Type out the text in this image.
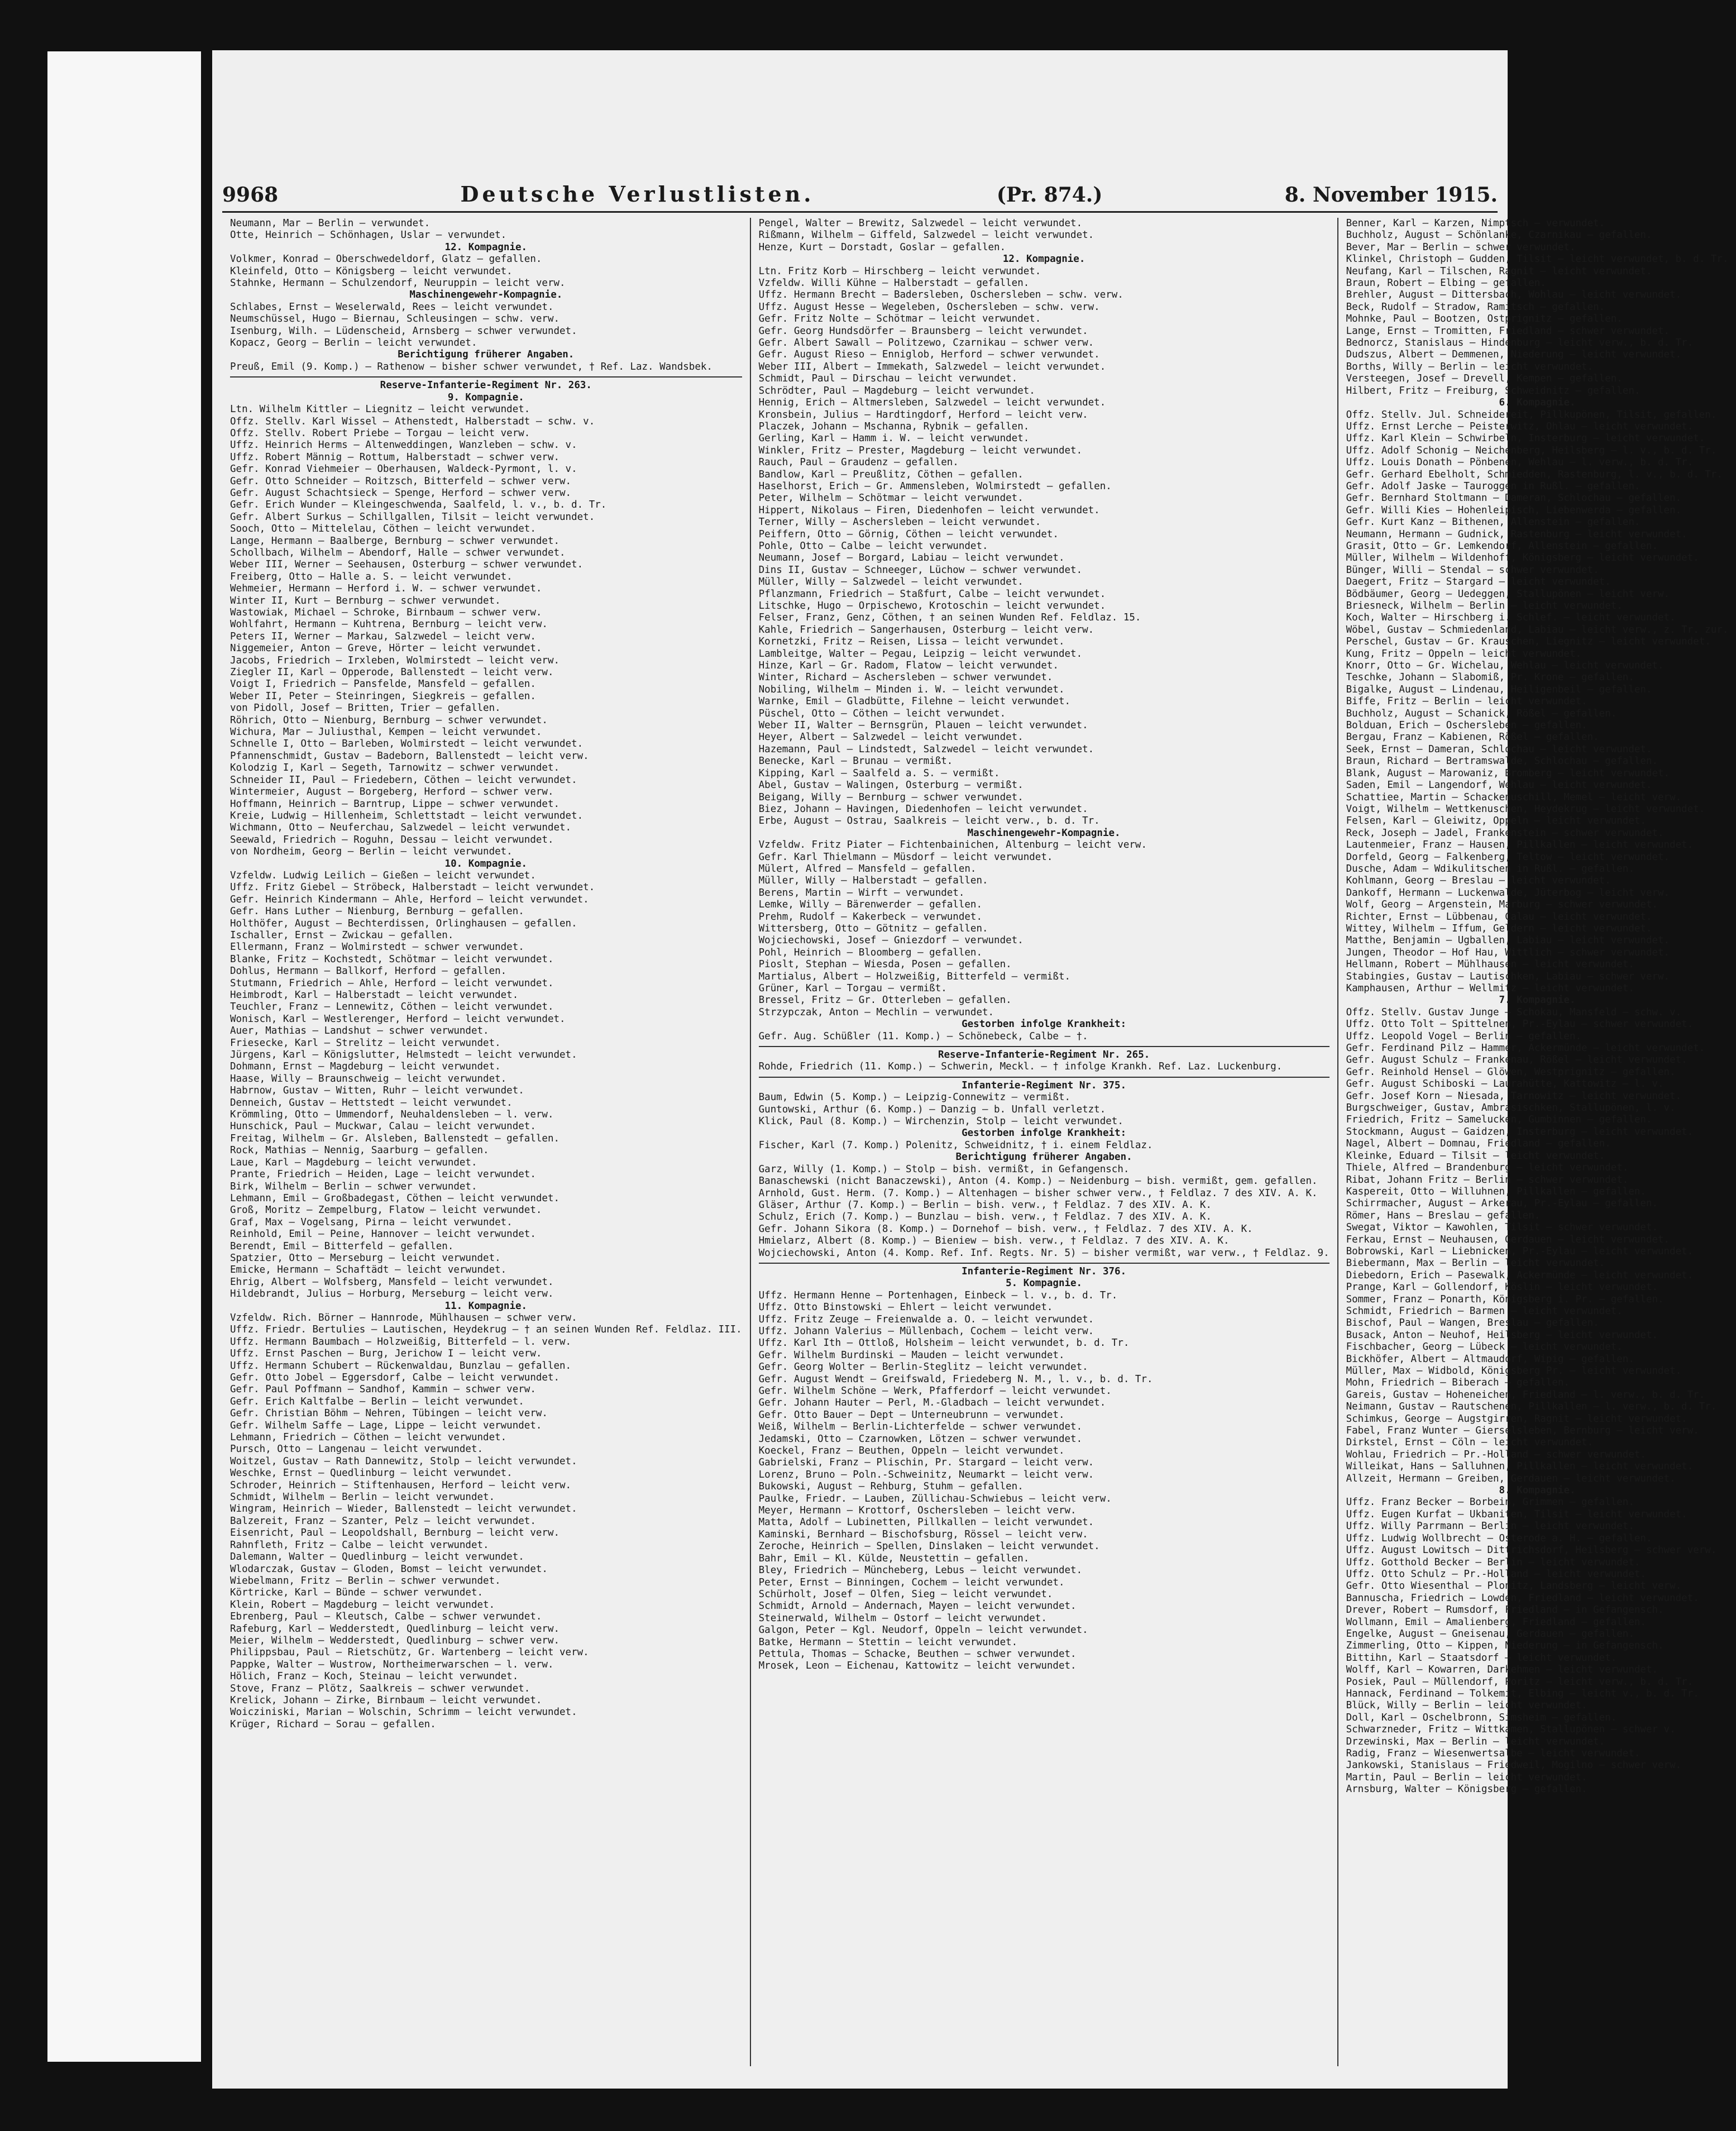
9968	Deutsche Verlustlisten.	(Pr. 874.)	8. November 1915.
Neumann, Mar — Berlin — verwundet.
Otte, Heinrich — Schönhagen, Uslar — verwundet.
12. Kompagnie.
Volkmer, Konrad — Oberschwedeldorf, Glatz — gefallen.
Kleinfeld, Otto — Königsberg — leicht verwundet.
Stahnke, Hermann — Schulzendorf, Neuruppin — leicht verw.
Maschinengewehr-Kompagnie.
Schlabes, Ernst — Weselerwald, Rees — leicht verwundet.
Neumschüssel, Hugo — Biernau, Schleusingen — schw. verw.
Isenburg, Wilh. — Lüdenscheid, Arnsberg — schwer verwundet.
Kopacz, Georg — Berlin — leicht verwundet.
Berichtigung früherer Angaben.
Preuß, Emil (9. Komp.) — Rathenow — bisher schwer verwundet, † Ref. Laz. Wandsbek.
Reserve-Infanterie-Regiment Nr. 263.
9. Kompagnie.
Ltn. Wilhelm Kittler — Liegnitz — leicht verwundet.
Offz. Stellv. Karl Wissel — Athenstedt, Halberstadt — schw. v.
Offz. Stellv. Robert Priebe — Torgau — leicht verw.
Uffz. Heinrich Herms — Altenweddingen, Wanzleben — schw. v.
Uffz. Robert Männig — Rottum, Halberstadt — schwer verw.
Gefr. Konrad Viehmeier — Oberhausen, Waldeck-Pyrmont, l. v.
Gefr. Otto Schneider — Roitzsch, Bitterfeld — schwer verw.
Gefr. August Schachtsieck — Spenge, Herford — schwer verw.
Gefr. Erich Wunder — Kleingeschwenda, Saalfeld, l. v., b. d. Tr.
Gefr. Albert Surkus — Schillgallen, Tilsit — leicht verwundet.
Sooch, Otto — Mittelelau, Cöthen — leicht verwundet.
Lange, Hermann — Baalberge, Bernburg — schwer verwundet.
Schollbach, Wilhelm — Abendorf, Halle — schwer verwundet.
Weber III, Werner — Seehausen, Osterburg — schwer verwundet.
Freiberg, Otto — Halle a. S. — leicht verwundet.
Wehmeier, Hermann — Herford i. W. — schwer verwundet.
Winter II, Kurt — Bernburg — schwer verwundet.
Wastowiak, Michael — Schroke, Birnbaum — schwer verw.
Wohlfahrt, Hermann — Kuhtrena, Bernburg — leicht verw.
Peters II, Werner — Markau, Salzwedel — leicht verw.
Niggemeier, Anton — Greve, Hörter — leicht verwundet.
Jacobs, Friedrich — Irxleben, Wolmirstedt — leicht verw.
Ziegler II, Karl — Opperode, Ballenstedt — leicht verw.
Voigt I, Friedrich — Pansfelde, Mansfeld — gefallen.
Weber II, Peter — Steinringen, Siegkreis — gefallen.
von Pidoll, Josef — Britten, Trier — gefallen.
Röhrich, Otto — Nienburg, Bernburg — schwer verwundet.
Wichura, Mar — Juliusthal, Kempen — leicht verwundet.
Schnelle I, Otto — Barleben, Wolmirstedt — leicht verwundet.
Pfannenschmidt, Gustav — Badeborn, Ballenstedt — leicht verw.
Kolodzig I, Karl — Segeth, Tarnowitz — schwer verwundet.
Schneider II, Paul — Friedebern, Cöthen — leicht verwundet.
Wintermeier, August — Borgeberg, Herford — schwer verw.
Hoffmann, Heinrich — Barntrup, Lippe — schwer verwundet.
Kreie, Ludwig — Hillenheim, Schlettstadt — leicht verwundet.
Wichmann, Otto — Neuferchau, Salzwedel — leicht verwundet.
Seewald, Friedrich — Roguhn, Dessau — leicht verwundet.
von Nordheim, Georg — Berlin — leicht verwundet.
10. Kompagnie.
Vzfeldw. Ludwig Leilich — Gießen — leicht verwundet.
Uffz. Fritz Giebel — Ströbeck, Halberstadt — leicht verwundet.
Gefr. Heinrich Kindermann — Ahle, Herford — leicht verwundet.
Gefr. Hans Luther — Nienburg, Bernburg — gefallen.
Holthöfer, August — Bechterdissen, Orlinghausen — gefallen.
Ischaller, Ernst — Zwickau — gefallen.
Ellermann, Franz — Wolmirstedt — schwer verwundet.
Blanke, Fritz — Kochstedt, Schötmar — leicht verwundet.
Dohlus, Hermann — Ballkorf, Herford — gefallen.
Stutmann, Friedrich — Ahle, Herford — leicht verwundet.
Heimbrodt, Karl — Halberstadt — leicht verwundet.
Teuchler, Franz — Lennewitz, Cöthen — leicht verwundet.
Wonisch, Karl — Westlerenger, Herford — leicht verwundet.
Auer, Mathias — Landshut — schwer verwundet.
Friesecke, Karl — Strelitz — leicht verwundet.
Jürgens, Karl — Königslutter, Helmstedt — leicht verwundet.
Dohmann, Ernst — Magdeburg — leicht verwundet.
Haase, Willy — Braunschweig — leicht verwundet.
Habrnow, Gustav — Witten, Ruhr — leicht verwundet.
Denneich, Gustav — Hettstedt — leicht verwundet.
Krömmling, Otto — Ummendorf, Neuhaldensleben — l. verw.
Hunschick, Paul — Muckwar, Calau — leicht verwundet.
Freitag, Wilhelm — Gr. Alsleben, Ballenstedt — gefallen.
Rock, Mathias — Nennig, Saarburg — gefallen.
Laue, Karl — Magdeburg — leicht verwundet.
Prante, Friedrich — Heiden, Lage — leicht verwundet.
Birk, Wilhelm — Berlin — schwer verwundet.
Lehmann, Emil — Großbadegast, Cöthen — leicht verwundet.
Groß, Moritz — Zempelburg, Flatow — leicht verwundet.
Graf, Max — Vogelsang, Pirna — leicht verwundet.
Reinhold, Emil — Peine, Hannover — leicht verwundet.
Berendt, Emil — Bitterfeld — gefallen.
Spatzier, Otto — Merseburg — leicht verwundet.
Emicke, Hermann — Schaftädt — leicht verwundet.
Ehrig, Albert — Wolfsberg, Mansfeld — leicht verwundet.
Hildebrandt, Julius — Horburg, Merseburg — leicht verw.
11. Kompagnie.
Vzfeldw. Rich. Börner — Hannrode, Mühlhausen — schwer verw.
Uffz. Friedr. Bertulies — Lautischen, Heydekrug — † an seinen Wunden Ref. Feldlaz. III.
Uffz. Hermann Baumbach — Holzweißig, Bitterfeld — l. verw.
Uffz. Ernst Paschen — Burg, Jerichow I — leicht verw.
Uffz. Hermann Schubert — Rückenwaldau, Bunzlau — gefallen.
Gefr. Otto Jobel — Eggersdorf, Calbe — leicht verwundet.
Gefr. Paul Poffmann — Sandhof, Kammin — schwer verw.
Gefr. Erich Kaltfalbe — Berlin — leicht verwundet.
Gefr. Christian Böhm — Nehren, Tübingen — leicht verw.
Gefr. Wilhelm Saffe — Lage, Lippe — leicht verwundet.
Lehmann, Friedrich — Cöthen — leicht verwundet.
Pursch, Otto — Langenau — leicht verwundet.
Woitzel, Gustav — Rath Dannewitz, Stolp — leicht verwundet.
Weschke, Ernst — Quedlinburg — leicht verwundet.
Schroder, Heinrich — Stiftenhausen, Herford — leicht verw.
Schmidt, Wilhelm — Berlin — leicht verwundet.
Wingram, Heinrich — Wieder, Ballenstedt — leicht verwundet.
Balzereit, Franz — Szanter, Pelz — leicht verwundet.
Eisenricht, Paul — Leopoldshall, Bernburg — leicht verw.
Rahnfleth, Fritz — Calbe — leicht verwundet.
Dalemann, Walter — Quedlinburg — leicht verwundet.
Wlodarczak, Gustav — Gloden, Bomst — leicht verwundet.
Wiebelmann, Fritz — Berlin — schwer verwundet.
Körtricke, Karl — Bünde — schwer verwundet.
Klein, Robert — Magdeburg — leicht verwundet.
Ebrenberg, Paul — Kleutsch, Calbe — schwer verwundet.
Rafeburg, Karl — Wedderstedt, Quedlinburg — leicht verw.
Meier, Wilhelm — Wedderstedt, Quedlinburg — schwer verw.
Philippsbau, Paul — Rietschütz, Gr. Wartenberg — leicht verw.
Pappke, Walter — Wustrow, Northeimerwarschen — l. verw.
Hölich, Franz — Koch, Steinau — leicht verwundet.
Stove, Franz — Plötz, Saalkreis — schwer verwundet.
Krelick, Johann — Zirke, Birnbaum — leicht verwundet.
Woicziniski, Marian — Wolschin, Schrimm — leicht verwundet.
Krüger, Richard — Sorau — gefallen.
Pengel, Walter — Brewitz, Salzwedel — leicht verwundet.
Rißmann, Wilhelm — Giffeld, Salzwedel — leicht verwundet.
Henze, Kurt — Dorstadt, Goslar — gefallen.
12. Kompagnie.
Ltn. Fritz Korb — Hirschberg — leicht verwundet.
Vzfeldw. Willi Kühne — Halberstadt — gefallen.
Uffz. Hermann Brecht — Badersleben, Oschersleben — schw. verw.
Uffz. August Hesse — Wegeleben, Oschersleben — schw. verw.
Gefr. Fritz Nolte — Schötmar — leicht verwundet.
Gefr. Georg Hundsdörfer — Braunsberg — leicht verwundet.
Gefr. Albert Sawall — Politzewo, Czarnikau — schwer verw.
Gefr. August Rieso — Enniglob, Herford — schwer verwundet.
Weber III, Albert — Immekath, Salzwedel — leicht verwundet.
Schmidt, Paul — Dirschau — leicht verwundet.
Schrödter, Paul — Magdeburg — leicht verwundet.
Hennig, Erich — Altmersleben, Salzwedel — leicht verwundet.
Kronsbein, Julius — Hardtingdorf, Herford — leicht verw.
Placzek, Johann — Mschanna, Rybnik — gefallen.
Gerling, Karl — Hamm i. W. — leicht verwundet.
Winkler, Fritz — Prester, Magdeburg — leicht verwundet.
Rauch, Paul — Graudenz — gefallen.
Bandlow, Karl — Preußlitz, Cöthen — gefallen.
Haselhorst, Erich — Gr. Ammensleben, Wolmirstedt — gefallen.
Peter, Wilhelm — Schötmar — leicht verwundet.
Hippert, Nikolaus — Firen, Diedenhofen — leicht verwundet.
Terner, Willy — Aschersleben — leicht verwundet.
Peiffern, Otto — Görnig, Cöthen — leicht verwundet.
Pohle, Otto — Calbe — leicht verwundet.
Neumann, Josef — Borgard, Labiau — leicht verwundet.
Dins II, Gustav — Schneeger, Lüchow — schwer verwundet.
Müller, Willy — Salzwedel — leicht verwundet.
Pflanzmann, Friedrich — Staßfurt, Calbe — leicht verwundet.
Litschke, Hugo — Orpischewo, Krotoschin — leicht verwundet.
Felser, Franz, Genz, Cöthen, † an seinen Wunden Ref. Feldlaz. 15.
Kahle, Friedrich — Sangerhausen, Osterburg — leicht verw.
Kornetzki, Fritz — Reisen, Lissa — leicht verwundet.
Lambleitge, Walter — Pegau, Leipzig — leicht verwundet.
Hinze, Karl — Gr. Radom, Flatow — leicht verwundet.
Winter, Richard — Aschersleben — schwer verwundet.
Nobiling, Wilhelm — Minden i. W. — leicht verwundet.
Warnke, Emil — Gladbütte, Filehne — leicht verwundet.
Püschel, Otto — Cöthen — leicht verwundet.
Weber II, Walter — Bernsgrün, Plauen — leicht verwundet.
Heyer, Albert — Salzwedel — leicht verwundet.
Hazemann, Paul — Lindstedt, Salzwedel — leicht verwundet.
Benecke, Karl — Brunau — vermißt.
Kipping, Karl — Saalfeld a. S. — vermißt.
Abel, Gustav — Walingen, Osterburg — vermißt.
Beigang, Willy — Bernburg — schwer verwundet.
Biez, Johann — Havingen, Diedenhofen — leicht verwundet.
Erbe, August — Ostrau, Saalkreis — leicht verw., b. d. Tr.
Maschinengewehr-Kompagnie.
Vzfeldw. Fritz Piater — Fichtenbainichen, Altenburg — leicht verw.
Gefr. Karl Thielmann — Müsdorf — leicht verwundet.
Mülert, Alfred — Mansfeld — gefallen.
Müller, Willy — Halberstadt — gefallen.
Berens, Martin — Wirft — verwundet.
Lemke, Willy — Bärenwerder — gefallen.
Prehm, Rudolf — Kakerbeck — verwundet.
Wittersberg, Otto — Götnitz — gefallen.
Wojciechowski, Josef — Gniezdorf — verwundet.
Pohl, Heinrich — Bloomberg — gefallen.
Pioslt, Stephan — Wiesda, Posen — gefallen.
Martialus, Albert — Holzweißig, Bitterfeld — vermißt.
Grüner, Karl — Torgau — vermißt.
Bressel, Fritz — Gr. Otterleben — gefallen.
Strzypczak, Anton — Mechlin — verwundet.
Gestorben infolge Krankheit:
Gefr. Aug. Schüßler (11. Komp.) — Schönebeck, Calbe — †.
Reserve-Infanterie-Regiment Nr. 265.
Rohde, Friedrich (11. Komp.) — Schwerin, Meckl. — † infolge Krankh. Ref. Laz. Luckenburg.
Infanterie-Regiment Nr. 375.
Baum, Edwin (5. Komp.) — Leipzig-Connewitz — vermißt.
Guntowski, Arthur (6. Komp.) — Danzig — b. Unfall verletzt.
Klick, Paul (8. Komp.) — Wirchenzin, Stolp — leicht verwundet.
Gestorben infolge Krankheit:
Fischer, Karl (7. Komp.) Polenitz, Schweidnitz, † i. einem Feldlaz.
Berichtigung früherer Angaben.
Garz, Willy (1. Komp.) — Stolp — bish. vermißt, in Gefangensch.
Banaschewski (nicht Banaczewski), Anton (4. Komp.) — Neidenburg — bish. vermißt, gem. gefallen.
Arnhold, Gust. Herm. (7. Komp.) — Altenhagen — bisher schwer verw., † Feldlaz. 7 des XIV. A. K.
Gläser, Arthur (7. Komp.) — Berlin — bish. verw., † Feldlaz. 7 des XIV. A. K.
Schulz, Erich (7. Komp.) — Bunzlau — bish. verw., † Feldlaz. 7 des XIV. A. K.
Gefr. Johann Sikora (8. Komp.) — Dornehof — bish. verw., † Feldlaz. 7 des XIV. A. K.
Hmielarz, Albert (8. Komp.) — Bieniew — bish. verw., † Feldlaz. 7 des XIV. A. K.
Wojciechowski, Anton (4. Komp. Ref. Inf. Regts. Nr. 5) — bisher vermißt, war verw., † Feldlaz. 9.
Infanterie-Regiment Nr. 376.
5. Kompagnie.
Uffz. Hermann Henne — Portenhagen, Einbeck — l. v., b. d. Tr.
Uffz. Otto Binstowski — Ehlert — leicht verwundet.
Uffz. Fritz Zeuge — Freienwalde a. O. — leicht verwundet.
Uffz. Johann Valerius — Müllenbach, Cochem — leicht verw.
Uffz. Karl Ith — Ottloß, Holsheim — leicht verwundet, b. d. Tr.
Gefr. Wilhelm Burdinski — Mauden — leicht verwundet.
Gefr. Georg Wolter — Berlin-Steglitz — leicht verwundet.
Gefr. August Wendt — Greifswald, Friedeberg N. M., l. v., b. d. Tr.
Gefr. Wilhelm Schöne — Werk, Pfafferdorf — leicht verwundet.
Gefr. Johann Hauter — Perl, M.-Gladbach — leicht verwundet.
Gefr. Otto Bauer — Dept — Unterneubrunn — verwundet.
Weiß, Wilhelm — Berlin-Lichterfelde — schwer verwundet.
Jedamski, Otto — Czarnowken, Lötzen — schwer verwundet.
Koeckel, Franz — Beuthen, Oppeln — leicht verwundet.
Gabrielski, Franz — Plischin, Pr. Stargard — leicht verw.
Lorenz, Bruno — Poln.-Schweinitz, Neumarkt — leicht verw.
Bukowski, August — Rehburg, Stuhm — gefallen.
Paulke, Friedr. — Lauben, Züllichau-Schwiebus — leicht verw.
Meyer, Hermann — Krottorf, Oschersleben — leicht verw.
Matta, Adolf — Lubinetten, Pillkallen — leicht verwundet.
Kaminski, Bernhard — Bischofsburg, Rössel — leicht verw.
Zeroche, Heinrich — Spellen, Dinslaken — leicht verwundet.
Bahr, Emil — Kl. Külde, Neustettin — gefallen.
Bley, Friedrich — Müncheberg, Lebus — leicht verwundet.
Peter, Ernst — Binningen, Cochem — leicht verwundet.
Schürholt, Josef — Olfen, Sieg — leicht verwundet.
Schmidt, Arnold — Andernach, Mayen — leicht verwundet.
Steinerwald, Wilhelm — Ostorf — leicht verwundet.
Galgon, Peter — Kgl. Neudorf, Oppeln — leicht verwundet.
Batke, Hermann — Stettin — leicht verwundet.
Pettula, Thomas — Schacke, Beuthen — schwer verwundet.
Mrosek, Leon — Eichenau, Kattowitz — leicht verwundet.
Benner, Karl — Karzen, Nimptsch — verwundet.
Buchholz, August — Schönlanke, Czarnikau — gefallen.
Bever, Mar — Berlin — schwer verwundet.
Klinkel, Christoph — Gudden, Tilsit — leicht verwundet, b. d. Tr.
Neufang, Karl — Tilschen, Ragnit — leicht verwundet.
Braun, Robert — Elbing — gefallen.
Brehler, August — Dittersbach, Wohlau — leicht verwundet.
Beck, Rudolf — Stradow, Ramitsch — gefallen.
Mohnke, Paul — Bootzen, Ostprignitz — gefallen.
Lange, Ernst — Tromitten, Friedland — schwer verwundet.
Bednorcz, Stanislaus — Hindenburg — leicht verw., b. d. Tr.
Dudszus, Albert — Demmenen, Niederung — leicht verwundet.
Borths, Willy — Berlin — leicht verwundet.
Versteegen, Josef — Drevell, Kempen — gefallen.
Hilbert, Fritz — Freiburg, Schweidnitz — gefallen.
6. Kompagnie.
Offz. Stellv. Jul. Schneidereit, Pillkupönen, Tilsit, gefallen.
Uffz. Ernst Lerche — Peisterwitz, Ohlau — leicht verwundet.
Uffz. Karl Klein — Schwirbeln, Insterburg — leicht verwundet.
Uffz. Adolf Schonig — Neichenberg, Heilsberg — l. v., b. d. Tr.
Uffz. Louis Donath — Pönbenen, Wehlau — l. verw., b. d. Tr.
Gefr. Gerhard Ebelholt, Schmiedden, Rastenburg, l. v., b. d. Tr.
Gefr. Adolf Jaske — Tauroggen in Rußl. — gefallen.
Gefr. Bernhard Stoltmann — Dameran, Schlochau — gefallen.
Gefr. Willi Kies — Hohenleipisch, Liebenwerda — gefallen.
Gefr. Kurt Kanz — Bithenen, Allenstein — gefallen.
Neumann, Hermann — Gudnick, Rastenburg — leicht verwundet.
Grasit, Otto — Gr. Lemkendorf, Allenstein — gefallen.
Müller, Wilhelm — Wildenhoff, Königsberg — leicht verwundet.
Bünger, Willi — Stendal — schwer verwundet.
Daegert, Fritz — Stargard — leicht verwundet.
Bödbäumer, Georg — Uedeggen, Stallupönen — leicht verw.
Briesneck, Wilhelm — Berlin — leicht verwundet.
Koch, Walter — Hirschberg i. Schlef. — leicht verwundet.
Wöbel, Gustav — Schmiedenland, Labiau — leicht verw., z. Tr. zur.
Perschel, Gustav — Gr. Krauschen, Liegnitz — leicht verwundet.
Kung, Fritz — Oppeln — leicht verwundet.
Knorr, Otto — Gr. Wichelau, Wehlau — leicht verwundet.
Teschke, Johann — Slabomiß, Pr. Krone — gefallen.
Bigalke, August — Lindenau, Heiligenbeil — gefallen.
Biffe, Fritz — Berlin — leicht verwundet.
Buchholz, August — Schanick, Rößel — gefallen.
Bolduan, Erich — Oschersleben — gefallen.
Bergau, Franz — Kabienen, Rößel — gefallen.
Seek, Ernst — Dameran, Schlochau — leicht verwundet.
Braun, Richard — Bertramswalde, Schlochau — gefallen.
Blank, August — Marowaniz, Bromberg — leicht verwundet.
Saden, Emil — Langendorf, Wehlau — leicht verwundet.
Schattiee, Martin — Schackenuschill, Memel — leicht verw.
Voigt, Wilhelm — Wettkenuschen, Heydekrug — leicht verwundet.
Felsen, Karl — Gleiwitz, Oppeln — leicht verwundet.
Reck, Joseph — Jadel, Frankenstein — schwer verwundet.
Lautenmeier, Franz — Hausen, Pillkallen — leicht verwundet.
Dorfeld, Georg — Falkenberg, Teltow — leicht verwundet.
Dusche, Adam — Wdikulitschen in Rußl. — gefallen.
Kohlmann, Georg — Breslau — leicht verwundet.
Dankoff, Hermann — Luckenwalde, Jüterbog — leicht verw.
Wolf, Georg — Argenstein, Marburg — schwer verwundet.
Richter, Ernst — Lübbenau, Calau — leicht verwundet.
Wittey, Wilhelm — Iffum, Geldern — leicht verwundet.
Matthe, Benjamin — Ugballen, Labiau — leicht verwundet.
Jungen, Theodor — Hof Hau, Wittlich — schwer verwundet.
Hellmann, Robert — Mühlhausen — leicht verwundet.
Stabingies, Gustav — Lautischken, Labiau — schwer verw.
Kamphausen, Arthur — Wellmitz — leicht verwundet.
7. Kompagnie.
Offz. Stellv. Gustav Junge — Schokau, Mansfeld — schw. v.
Uffz. Otto Tolt — Spittelnen, Pr.-Eylau — schwer verwundet.
Uffz. Leopold Vogel — Berlin — gefallen.
Gefr. Ferdinand Pilz — Hammer, Ackermünde — leicht verwundet.
Gefr. August Schulz — Frankenau, Rößel — leicht verwundet.
Gefr. Reinhold Hensel — Glöwen, Westprignitz — gefallen.
Gefr. August Schiboski — Laurahütte, Kattowitz — l. v.
Gefr. Josef Korn — Niesada, Tarnowitz — leicht verwundet.
Burgschweiger, Gustav, Ambrasischken, Stallupönen, l. v.
Friedrich, Fritz — Samelucken, Gumbinnen — gefallen.
Stockmann, August — Gaidzen, Insterburg — leicht verwundet.
Nagel, Albert — Domnau, Friedland — gefallen.
Kleinke, Eduard — Tilsit — leicht verwundet.
Thiele, Alfred — Brandenburg — leicht verwundet.
Ribat, Johann Fritz — Berlin — schwer verwundet.
Kaspereit, Otto — Willuhnen, Pillkallen — gefallen.
Schirrmacher, August — Arkerau, Pr.-Eylau — gefallen.
Römer, Hans — Breslau — gefallen.
Swegat, Viktor — Kawohlen, Tilsit — schwer verwundet.
Ferkau, Ernst — Neuhausen, Gerdauen — leicht verwundet.
Bobrowski, Karl — Liebnicken, Pr.-Eylau — leicht verwundet.
Biebermann, Max — Berlin — leicht verwundet.
Diebedorn, Erich — Pasewalk, Ackermünde — leicht verwundet.
Prange, Karl — Gollendorf, Köslin — leicht verwundet.
Sommer, Franz — Ponarth, Königsberg i. Pr. — gefallen.
Schmidt, Friedrich — Barmen — leicht verwundet.
Bischof, Paul — Wangen, Breslau — gefallen.
Busack, Anton — Neuhof, Heilsberg — leicht verwundet.
Fischbacher, Georg — Lübeck — leicht verwundet.
Bickhöfer, Albert — Altmaudorf, Wipig — gefallen.
Müller, Max — Widbold, Königsberg Pr. — leicht verwundet.
Mohn, Friedrich — Biberach — gefallen.
Gareis, Gustav — Hoheneichen, Friedland — l. verw., b. d. Tr.
Neimann, Gustav — Rautschenen, Pillkallen — l. verw., b. d. Tr.
Schimkus, George — Augstgirren, Ragnit — leicht verwundet.
Fabel, Franz Wunter — Gierselsleben, Bernburg — leicht verw.
Dirkstel, Ernst — Cöln — leicht verwundet.
Wohlau, Friedrich — Pr.-Holland — schwer verwundet.
Willeikat, Hans — Salluhnen, Pillkallen — leicht verwundet.
Allzeit, Hermann — Greiben, Gerdauen — leicht verwundet.
8. Kompagnie.
Uffz. Franz Becker — Borbein, Grimmen — gefallen.
Uffz. Eugen Kurfat — Ukbaniten, Tilsit — leicht verwundet.
Uffz. Willy Parrmann — Berlin — leicht verwundet.
Uffz. Ludwig Wollbrecht — Osterode a. H. — gefallen.
Uffz. August Lowitsch — Dittrichsdorf, Heilsberg — schwer verw.
Uffz. Gotthold Becker — Berlin — leicht verwundet.
Uffz. Otto Schulz — Pr.-Holland — leicht verwundet.
Gefr. Otto Wiesenthal — Plonitz, Landsberg — leicht verw.
Bannuscha, Friedrich — Lowden, Friedland — leicht verwundet.
Drever, Robert — Rumsdorf, Friedland — in Gefangensch.
Wollmann, Emil — Amalienberg, Friedland — gefallen.
Engelke, August — Gneisenau, Gerdauen — gefallen.
Zimmerling, Otto — Kippen, Niederung — in Gefangensch.
Bittihn, Karl — Staatsdorf — leicht verwundet.
Wolff, Karl — Kowarren, Darkehmen — leicht verwundet.
Posiek, Paul — Müllendorf, Poritz — leicht verw., b. d. Tr.
Hannack, Ferdinand — Tolkemit, Elbing — leicht v., b. d. Tr.
Blück, Willy — Berlin — leicht verwundet.
Doll, Karl — Oschelbronn, Simsheim — gefallen.
Schwarzneder, Fritz — Wittkamen, Stallupönen — schwer v.
Drzewinski, Max — Berlin — leicht verwundet.
Radig, Franz — Wiesenwertsalbe — leicht verwundet.
Jankowski, Stanislaus — Friedweil, Mogilno — schwer verw.
Martin, Paul — Berlin — leicht verwundet.
Arnsburg, Walter — Königsberg — gefallen.
